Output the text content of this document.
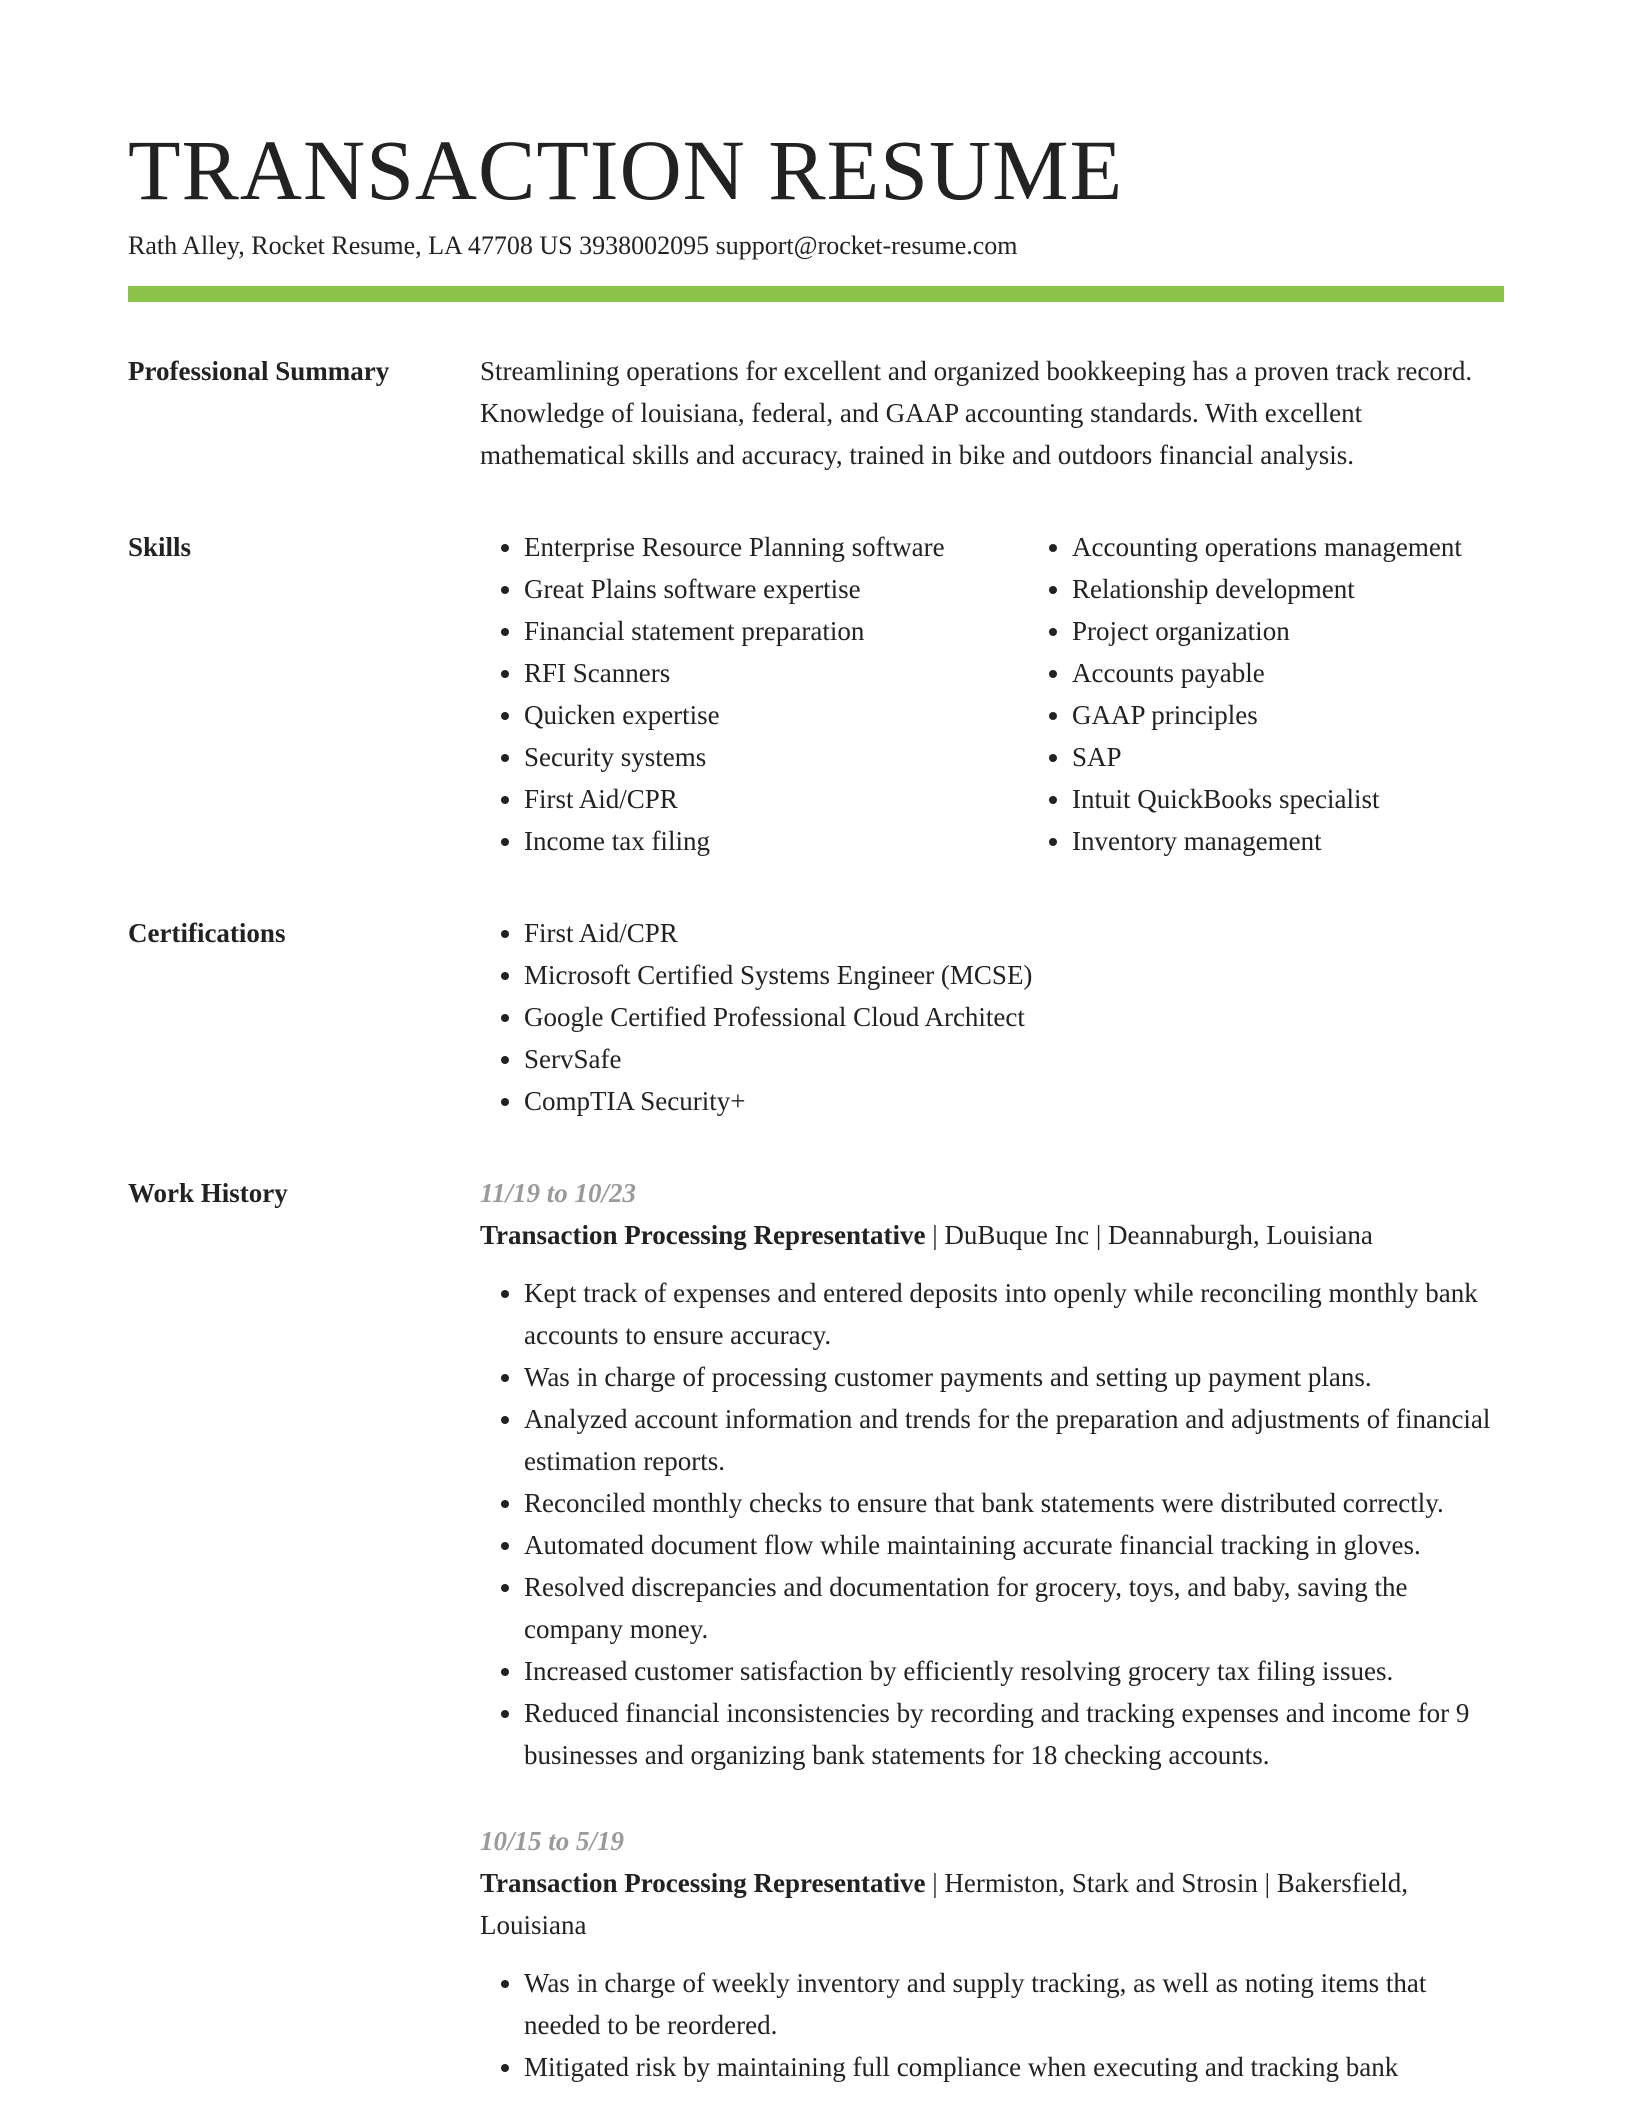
TRANSACTION RESUME
Rath Alley, Rocket Resume, LA 47708 US 3938002095 support@rocket-resume.com
Professional Summary	Streamlining operations for excellent and organized bookkeeping has a proven track record. Knowledge of louisiana, federal, and GAAP accounting standards. With excellent mathematical skills and accuracy, trained in bike and outdoors financial analysis.

Skills	• Enterprise Resource Planning software
• Great Plains software expertise
• Financial statement preparation
• RFI Scanners
• Quicken expertise
• Security systems
• First Aid/CPR
• Income tax filing
• Accounting operations management
• Relationship development
• Project organization
• Accounts payable
• GAAP principles
• SAP
• Intuit QuickBooks specialist
• Inventory management
Certifications	• First Aid/CPR
• Microsoft Certified Systems Engineer (MCSE)
• Google Certified Professional Cloud Architect
• ServSafe
• CompTIA Security+
Work History	11/19 to 10/23
Transaction Processing Representative | DuBuque Inc | Deannaburgh, Louisiana
• Kept track of expenses and entered deposits into openly while reconciling monthly bank accounts to ensure accuracy.
• Was in charge of processing customer payments and setting up payment plans.
• Analyzed account information and trends for the preparation and adjustments of financial estimation reports.
• Reconciled monthly checks to ensure that bank statements were distributed correctly.
• Automated document flow while maintaining accurate financial tracking in gloves.
• Resolved discrepancies and documentation for grocery, toys, and baby, saving the company money.
• Increased customer satisfaction by efficiently resolving grocery tax filing issues.
• Reduced financial inconsistencies by recording and tracking expenses and income for 9 businesses and organizing bank statements for 18 checking accounts.
10/15 to 5/19
Transaction Processing Representative | Hermiston, Stark and Strosin | Bakersfield, Louisiana
• Was in charge of weekly inventory and supply tracking, as well as noting items that needed to be reordered.
• Mitigated risk by maintaining full compliance when executing and tracking bank
